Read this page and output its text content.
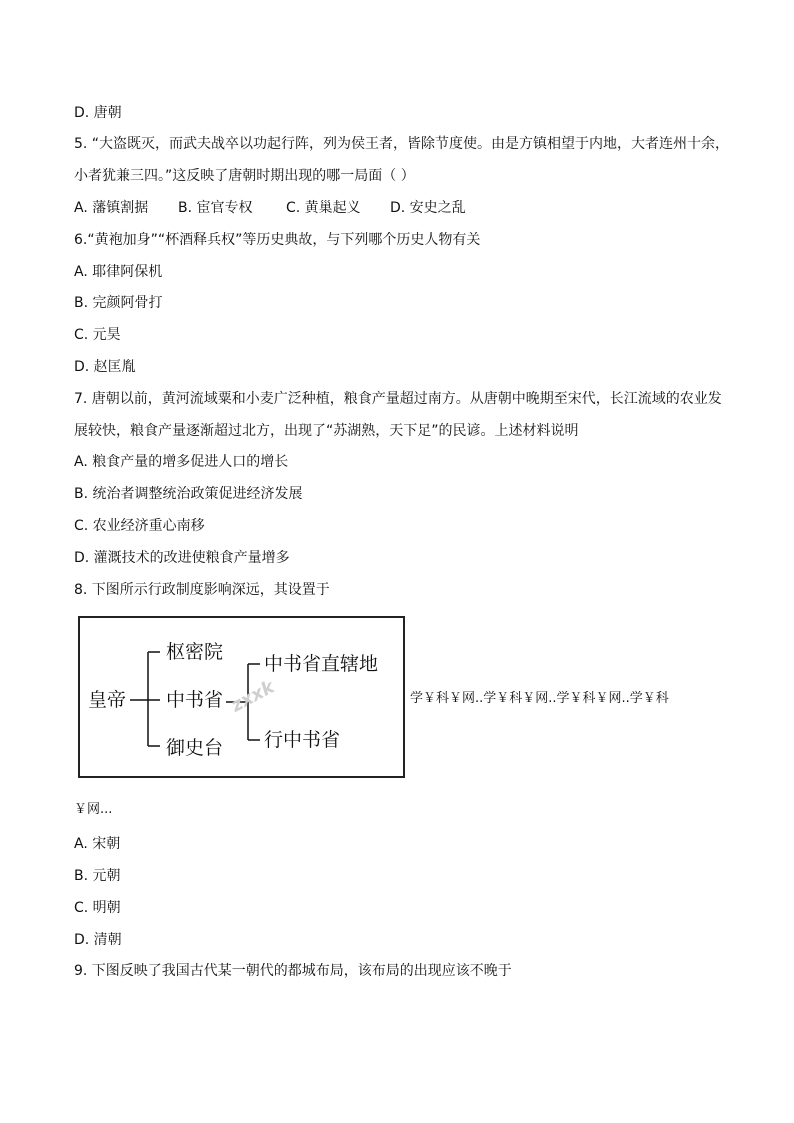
D. 唐朝
5. “大盗既灭，而武夫战卒以功起行阵，列为侯王者，皆除节度使。由是方镇相望于内地，大者连州十余，
小者犹兼三四。”这反映了唐朝时期出现的哪一局面（ ）
A. 藩镇割据 B. 宦官专权 C. 黄巢起义 D. 安史之乱
6.“黄袍加身”“杯酒释兵权”等历史典故，与下列哪个历史人物有关
A. 耶律阿保机
B. 完颜阿骨打
C. 元昊
D. 赵匡胤
7. 唐朝以前，黄河流域粟和小麦广泛种植，粮食产量超过南方。从唐朝中晚期至宋代，长江流域的农业发
展较快，粮食产量逐渐超过北方，出现了“苏湖熟，天下足”的民谚。上述材料说明
A. 粮食产量的增多促进人口的增长
B. 统治者调整统治政策促进经济发展
C. 农业经济重心南移
D. 灌溉技术的改进使粮食产量增多
8. 下图所示行政制度影响深远，其设置于
皇帝
枢密院
中书省
御史台
中书省直辖地
行中书省
zxxk	学￥科￥网..学￥科￥网..学￥科￥网..学￥科
￥网...
A. 宋朝
B. 元朝
C. 明朝
D. 清朝
9. 下图反映了我国古代某一朝代的都城布局，该布局的出现应该不晚于
